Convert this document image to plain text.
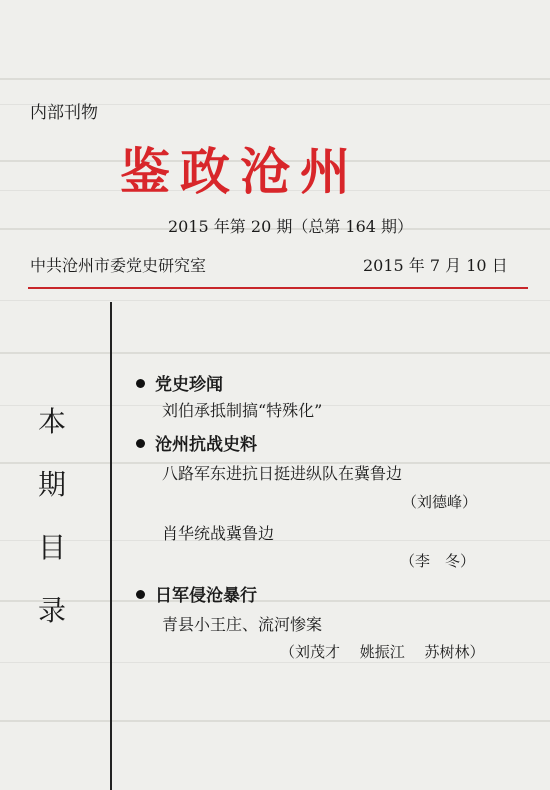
内部刊物
鉴政沧州
2015 年第 20 期（总第 164 期）
中共沧州市委党史研究室	2015 年 7 月 10 日
本
期
目
录
党史珍闻
刘伯承抵制搞“特殊化”
沧州抗战史料
八路军东进抗日挺进纵队在冀鲁边
（刘德峰）
肖华统战冀鲁边
（李　冬）
日军侵沧暴行
青县小王庄、流河惨案
（刘茂才　 姚振江　 苏树林）
